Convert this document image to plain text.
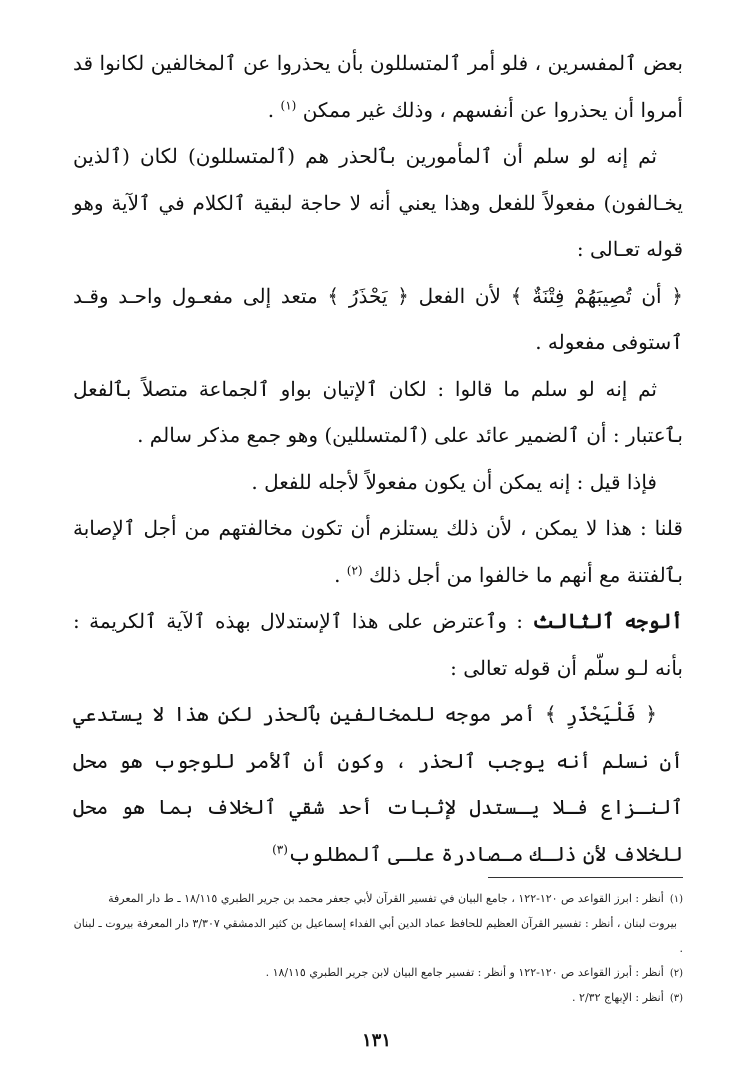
بعض ٱلمفسرين ، فلو أمر ٱلمتسللون بأن يحذروا عن ٱلمخالفين لكانوا قد أمروا أن يحذروا عن أنفسهم ، وذلك غير ممكن $^{(١)}$ .

ثم إنه لو سلم أن ٱلمأمورين بٱلحذر هم (ٱلمتسللون) لكان (ٱلذين يخـالفون) مفعولاً للفعل وهذا يعني أنه لا حاجة لبقية ٱلكلام في ٱلآية وهو قوله تعـالى :

﴿ أن تُصِيبَهُمْ فِتْنَةٌ ﴾ لأن الفعل ﴿ يَحْذَرُ ﴾ متعد إلى مفعـول واحـد وقـد ٱستوفى مفعوله .

ثم إنه لو سلم ما قالوا : لكان ٱلإتيان بواو ٱلجماعة متصلاً بٱلفعل بٱعتبار : أن ٱلضمير عائد على (ٱلمتسللين) وهو جمع مذكر سالم .

فإذا قيل : إنه يمكن أن يكون مفعولاً لأجله للفعل .

قلنا : هذا لا يمكن ، لأن ذلك يستلزم أن تكون مخالفتهم من أجل ٱلإصابة بٱلفتنة مع أنهم ما خالفوا من أجل ذلك $^{(٢)}$ .

ألوجه ٱلثالث : وٱعترض على هذا ٱلإستدلال بهذه ٱلآية ٱلكريمة : بأنه لـو سلّم أن قوله تعالى :

﴿ فَلْيَحْذَرِ ﴾ أمر موجه للمخالفين بٱلحذر لكن هذا لا يستدعي أن نسلم أنه يوجب ٱلحذر ، وكون أن ٱلأمر للوجوب هو محل ٱلنـزاع فـلا يـستدل لإثبات أحد شقي ٱلخلاف بما هو محل للخلاف لأن ذلـك مـصادرة علـى ٱلمطلوب$^{(٣)}$

(١)أنظر : ابرز القواعد ص ١٢٠-١٢٢ ، جامع البيان في تفسير القرآن لأبي جعفر محمد بن جرير الطبري ١٨/١١٥ ـ ط دار المعرفة

بيروت لبنان ، أنظر : تفسير القرآن العظيم للحافظ عماد الدين أبي الفداء إسماعيل بن كثير الدمشقي ٣/٣٠٧ دار المعرفة بيروت ـ لبنان .

(٢)أنظر : أبرز القواعد ص ١٢٠-١٢٢ و أنظر : تفسير جامع البيان لابن جرير الطبري ١٨/١١٥ .

(٣)أنظر : الإبهاج ٢/٣٢ .

١٣١
